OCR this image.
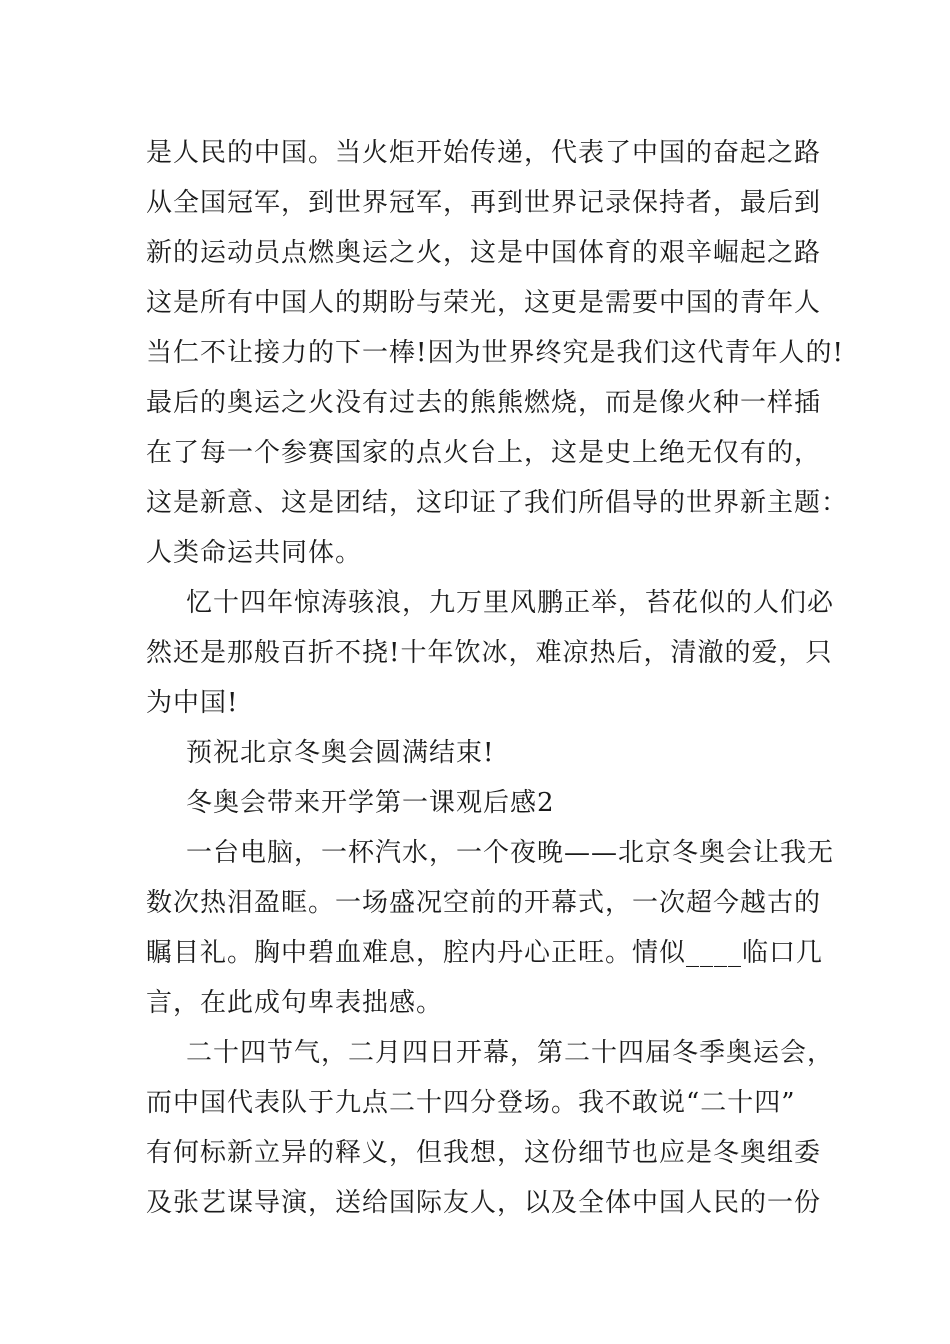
是人民的中国。当火炬开始传递，代表了中国的奋起之路
从全国冠军，到世界冠军，再到世界记录保持者，最后到
新的运动员点燃奥运之火，这是中国体育的艰辛崛起之路
这是所有中国人的期盼与荣光，这更是需要中国的青年人
当仁不让接力的下一棒!因为世界终究是我们这代青年人的!
最后的奥运之火没有过去的熊熊燃烧，而是像火种一样插
在了每一个参赛国家的点火台上，这是史上绝无仅有的，
这是新意、这是团结，这印证了我们所倡导的世界新主题：
人类命运共同体。
忆十四年惊涛骇浪，九万里风鹏正举，苔花似的人们必
然还是那般百折不挠!十年饮冰，难凉热后，清澈的爱，只
为中国!
预祝北京冬奥会圆满结束!
冬奥会带来开学第一课观后感2
一台电脑，一杯汽水，一个夜晚——北京冬奥会让我无
数次热泪盈眶。一场盛况空前的开幕式，一次超今越古的
瞩目礼。胸中碧血难息，腔内丹心正旺。情似____临口几
言，在此成句卑表拙感。
二十四节气，二月四日开幕，第二十四届冬季奥运会，
而中国代表队于九点二十四分登场。我不敢说“二十四”
有何标新立异的释义，但我想，这份细节也应是冬奥组委
及张艺谋导演，送给国际友人，以及全体中国人民的一份
